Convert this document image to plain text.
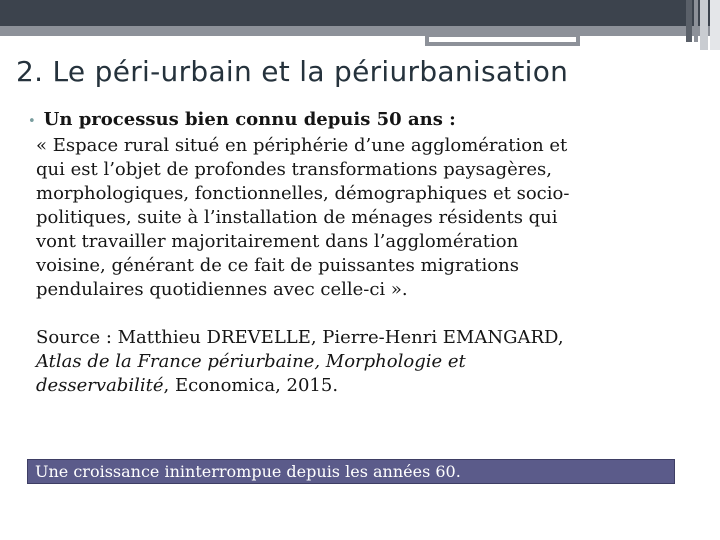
2. Le péri-urbain et la périurbanisation
• Un processus bien connu depuis 50 ans :

« Espace rural situé en périphérie d’une agglomération et
qui est l’objet de profondes transformations paysagères,
morphologiques, fonctionnelles, démographiques et socio-
politiques, suite à l’installation de ménages résidents qui
vont travailler majoritairement dans l’agglomération
voisine, générant de ce fait de puissantes migrations
pendulaires quotidiennes avec celle-ci ».

Source : Matthieu DREVELLE, Pierre-Henri EMANGARD,
Atlas de la France périurbaine, Morphologie et
desservabilité, Economica, 2015.

Une croissance ininterrompue depuis les années 60.
